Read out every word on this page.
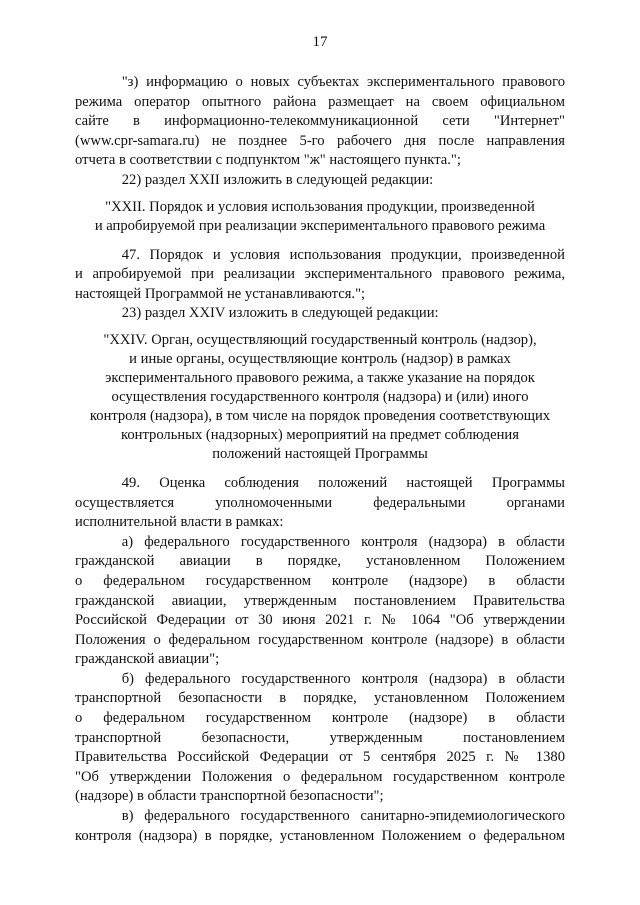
17

"з) информацию о новых субъектах экспериментального правового

режима оператор опытного района размещает на своем официальном

сайте в информационно-телекоммуникационной сети "Интернет"

(www.cpr-samara.ru) не позднее 5-го рабочего дня после направления

отчета в соответствии с подпунктом "ж" настоящего пункта.";

22) раздел XXII изложить в следующей редакции:

"XXII. Порядок и условия использования продукции, произведенной

и апробируемой при реализации экспериментального правового режима

47. Порядок и условия использования продукции, произведенной

и апробируемой при реализации экспериментального правового режима,

настоящей Программой не устанавливаются.";

23) раздел XXIV изложить в следующей редакции:

"XXIV. Орган, осуществляющий государственный контроль (надзор),

и иные органы, осуществляющие контроль (надзор) в рамках

экспериментального правового режима, а также указание на порядок

осуществления государственного контроля (надзора) и (или) иного

контроля (надзора), в том числе на порядок проведения соответствующих

контрольных (надзорных) мероприятий на предмет соблюдения

положений настоящей Программы

49. Оценка соблюдения положений настоящей Программы

осуществляется уполномоченными федеральными органами

исполнительной власти в рамках:

а) федерального государственного контроля (надзора) в области

гражданской авиации в порядке, установленном Положением

о федеральном государственном контроле (надзоре) в области

гражданской авиации, утвержденным постановлением Правительства

Российской Федерации от 30 июня 2021 г. № 1064 "Об утверждении

Положения о федеральном государственном контроле (надзоре) в области

гражданской авиации";

б) федерального государственного контроля (надзора) в области

транспортной безопасности в порядке, установленном Положением

о федеральном государственном контроле (надзоре) в области

транспортной безопасности, утвержденным постановлением

Правительства Российской Федерации от 5 сентября 2025 г. № 1380

"Об утверждении Положения о федеральном государственном контроле

(надзоре) в области транспортной безопасности";

в) федерального государственного санитарно-эпидемиологического

контроля (надзора) в порядке, установленном Положением о федеральном
